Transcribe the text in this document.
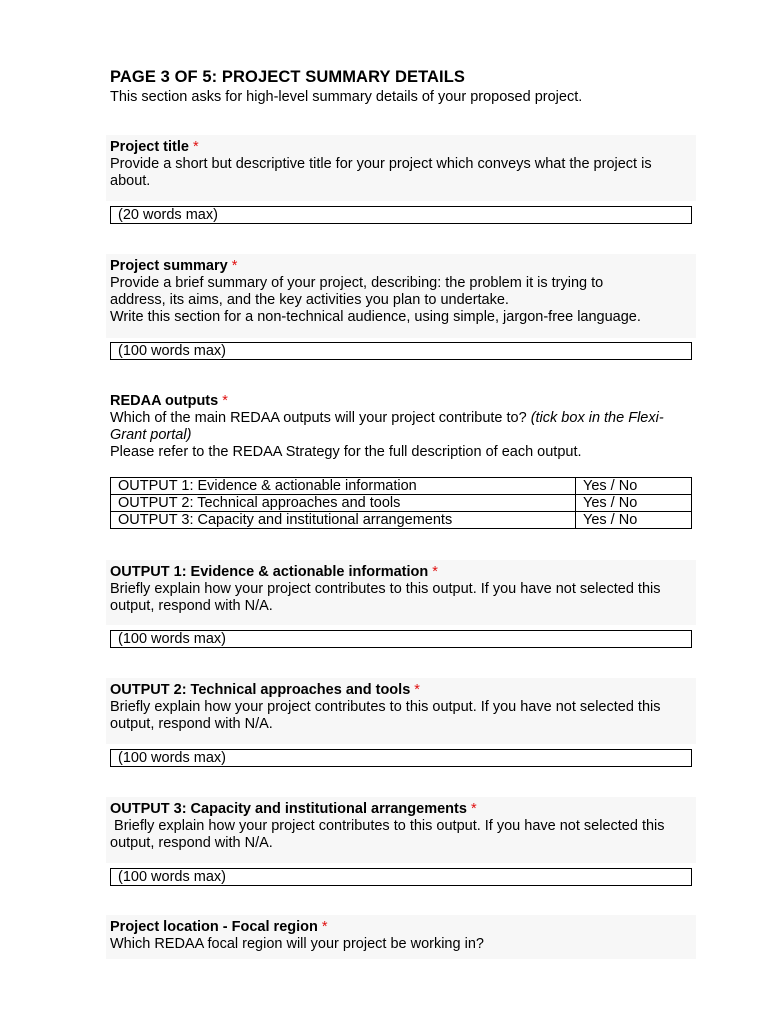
PAGE 3 OF 5: PROJECT SUMMARY DETAILS
This section asks for high-level summary details of your proposed project.
Project title *

Provide a short but descriptive title for your project which conveys what the project is about.

(20 words max)
Project summary *

Provide a brief summary of your project, describing: the problem it is trying to address, its aims, and the key activities you plan to undertake.

Write this section for a non-technical audience, using simple, jargon-free language.

(100 words max)
REDAA outputs *

Which of the main REDAA outputs will your project contribute to? (tick box in the Flexi-Grant portal)

Please refer to the REDAA Strategy for the full description of each output.

OUTPUT 1: Evidence & actionable information	Yes / No
OUTPUT 2: Technical approaches and tools	Yes / No
OUTPUT 3: Capacity and institutional arrangements	Yes / No
OUTPUT 1: Evidence & actionable information *

Briefly explain how your project contributes to this output. If you have not selected this output, respond with N/A.

(100 words max)
OUTPUT 2: Technical approaches and tools *

Briefly explain how your project contributes to this output. If you have not selected this output, respond with N/A.

(100 words max)
OUTPUT 3: Capacity and institutional arrangements *

Briefly explain how your project contributes to this output. If you have not selected this output, respond with N/A.

(100 words max)
Project location - Focal region *

Which REDAA focal region will your project be working in?
